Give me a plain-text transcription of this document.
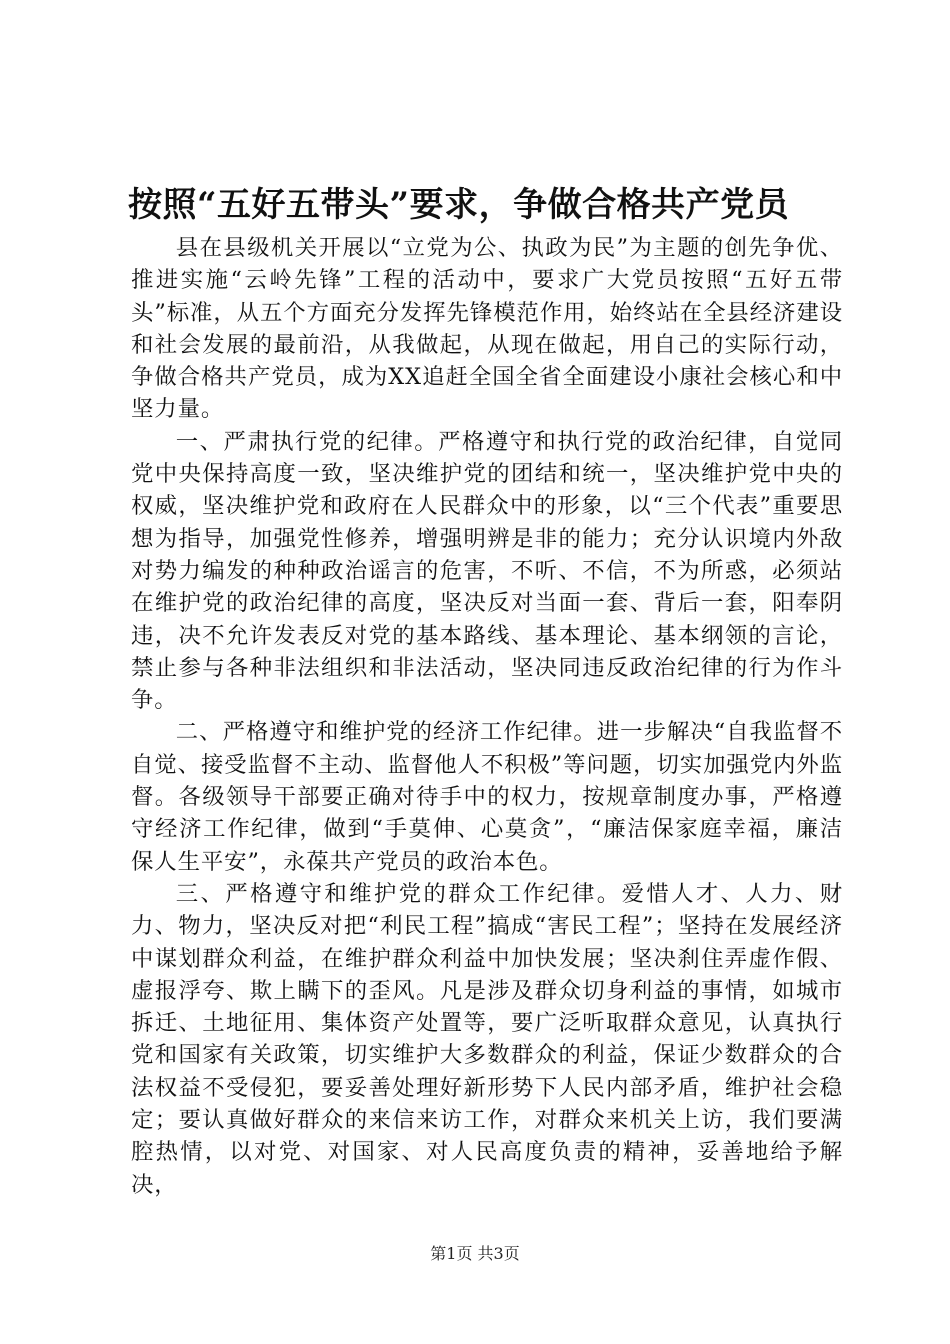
按照“五好五带头”要求，争做合格共产党员

县在县级机关开展以“立党为公、执政为民”为主题的创先争优、推进实施“云岭先锋”工程的活动中，要求广大党员按照“五好五带头”标准，从五个方面充分发挥先锋模范作用，始终站在全县经济建设和社会发展的最前沿，从我做起，从现在做起，用自己的实际行动，争做合格共产党员，成为XX追赶全国全省全面建设小康社会核心和中坚力量。

一、严肃执行党的纪律。严格遵守和执行党的政治纪律，自觉同党中央保持高度一致，坚决维护党的团结和统一，坚决维护党中央的权威，坚决维护党和政府在人民群众中的形象，以“三个代表”重要思想为指导，加强党性修养，增强明辨是非的能力；充分认识境内外敌对势力编发的种种政治谣言的危害，不听、不信，不为所惑，必须站在维护党的政治纪律的高度，坚决反对当面一套、背后一套，阳奉阴违，决不允许发表反对党的基本路线、基本理论、基本纲领的言论，禁止参与各种非法组织和非法活动，坚决同违反政治纪律的行为作斗争。

二、严格遵守和维护党的经济工作纪律。进一步解决“自我监督不自觉、接受监督不主动、监督他人不积极”等问题，切实加强党内外监督。各级领导干部要正确对待手中的权力，按规章制度办事，严格遵守经济工作纪律，做到“手莫伸、心莫贪”，“廉洁保家庭幸福，廉洁保人生平安”，永葆共产党员的政治本色。

三、严格遵守和维护党的群众工作纪律。爱惜人才、人力、财力、物力，坚决反对把“利民工程”搞成“害民工程”；坚持在发展经济中谋划群众利益，在维护群众利益中加快发展；坚决刹住弄虚作假、虚报浮夸、欺上瞒下的歪风。凡是涉及群众切身利益的事情，如城市拆迁、土地征用、集体资产处置等，要广泛听取群众意见，认真执行党和国家有关政策，切实维护大多数群众的利益，保证少数群众的合法权益不受侵犯，要妥善处理好新形势下人民内部矛盾，维护社会稳定；要认真做好群众的来信来访工作，对群众来机关上访，我们要满腔热情，以对党、对国家、对人民高度负责的精神，妥善地给予解决，

第1页 共3页
